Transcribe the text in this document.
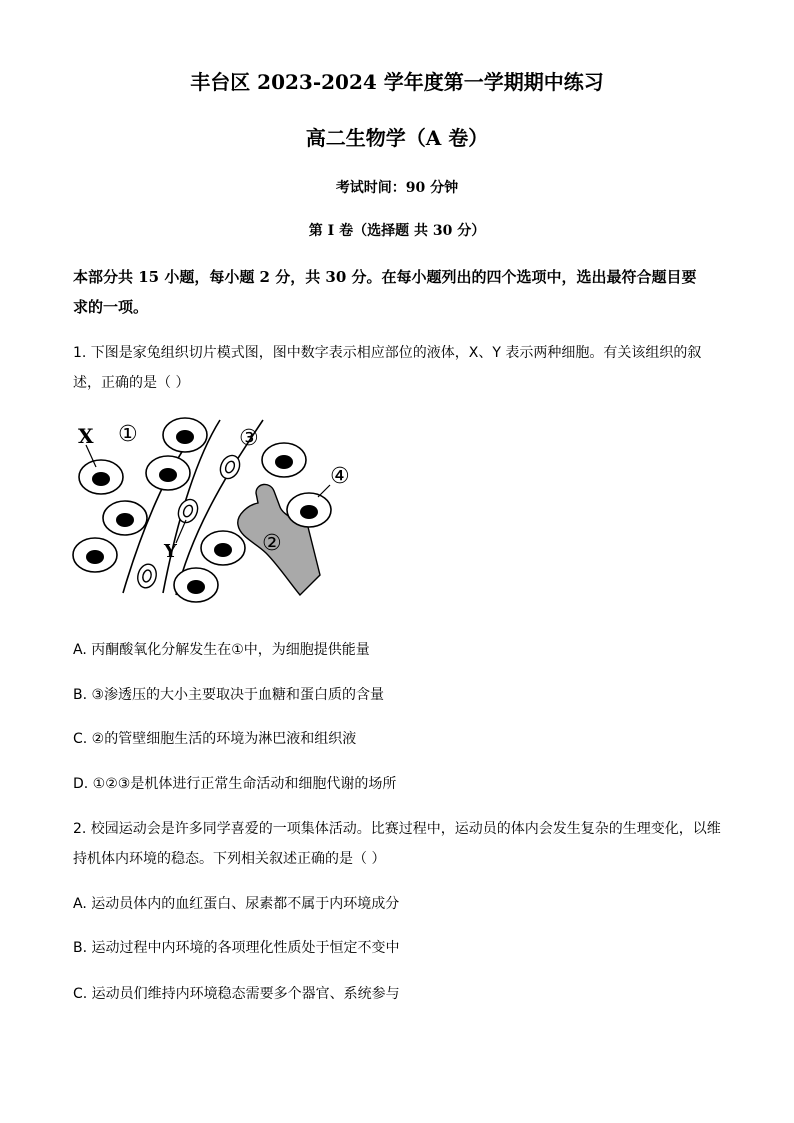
丰台区 2023-2024 学年度第一学期期中练习
高二生物学（A 卷）
考试时间：90 分钟
第 I 卷（选择题 共 30 分）
本部分共 15 小题，每小题 2 分，共 30 分。在每小题列出的四个选项中，选出最符合题目要
求的一项。
1. 下图是家兔组织切片模式图，图中数字表示相应部位的液体，X、Y 表示两种细胞。有关该组织的叙
述，正确的是（ ）
X
Y
①
②
③
④
A. 丙酮酸氧化分解发生在①中，为细胞提供能量
B. ③渗透压的大小主要取决于血糖和蛋白质的含量
C. ②的管壁细胞生活的环境为淋巴液和组织液
D. ①②③是机体进行正常生命活动和细胞代谢的场所
2. 校园运动会是许多同学喜爱的一项集体活动。比赛过程中，运动员的体内会发生复杂的生理变化，以维
持机体内环境的稳态。下列相关叙述正确的是（ ）
A. 运动员体内的血红蛋白、尿素都不属于内环境成分
B. 运动过程中内环境的各项理化性质处于恒定不变中
C. 运动员们维持内环境稳态需要多个器官、系统参与
